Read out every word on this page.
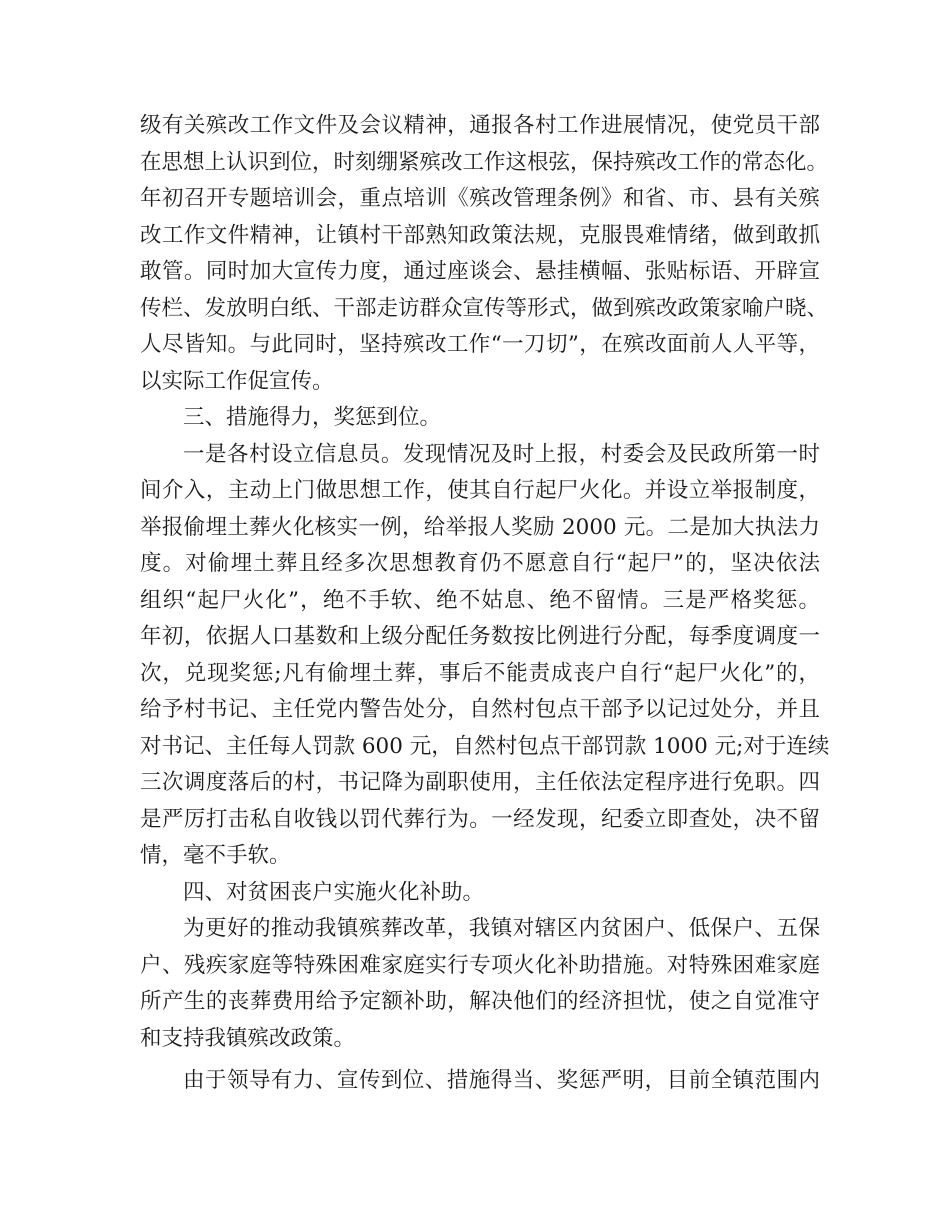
级有关殡改工作文件及会议精神，通报各村工作进展情况，使党员干部
在思想上认识到位，时刻绷紧殡改工作这根弦，保持殡改工作的常态化。
年初召开专题培训会，重点培训《殡改管理条例》和省、市、县有关殡
改工作文件精神，让镇村干部熟知政策法规，克服畏难情绪，做到敢抓
敢管。同时加大宣传力度，通过座谈会、悬挂横幅、张贴标语、开辟宣
传栏、发放明白纸、干部走访群众宣传等形式，做到殡改政策家喻户晓、
人尽皆知。与此同时，坚持殡改工作“一刀切”，在殡改面前人人平等，
以实际工作促宣传。
三、措施得力，奖惩到位。
一是各村设立信息员。发现情况及时上报，村委会及民政所第一时
间介入，主动上门做思想工作，使其自行起尸火化。并设立举报制度，
举报偷埋土葬火化核实一例，给举报人奖励 2000 元。二是加大执法力
度。对偷埋土葬且经多次思想教育仍不愿意自行“起尸”的，坚决依法
组织“起尸火化”，绝不手软、绝不姑息、绝不留情。三是严格奖惩。
年初，依据人口基数和上级分配任务数按比例进行分配，每季度调度一
次，兑现奖惩;凡有偷埋土葬，事后不能责成丧户自行“起尸火化”的，
给予村书记、主任党内警告处分，自然村包点干部予以记过处分，并且
对书记、主任每人罚款 600 元，自然村包点干部罚款 1000 元;对于连续
三次调度落后的村，书记降为副职使用，主任依法定程序进行免职。四
是严厉打击私自收钱以罚代葬行为。一经发现，纪委立即查处，决不留
情，毫不手软。
四、对贫困丧户实施火化补助。
为更好的推动我镇殡葬改革，我镇对辖区内贫困户、低保户、五保
户、残疾家庭等特殊困难家庭实行专项火化补助措施。对特殊困难家庭
所产生的丧葬费用给予定额补助，解决他们的经济担忧，使之自觉准守
和支持我镇殡改政策。
由于领导有力、宣传到位、措施得当、奖惩严明，目前全镇范围内
